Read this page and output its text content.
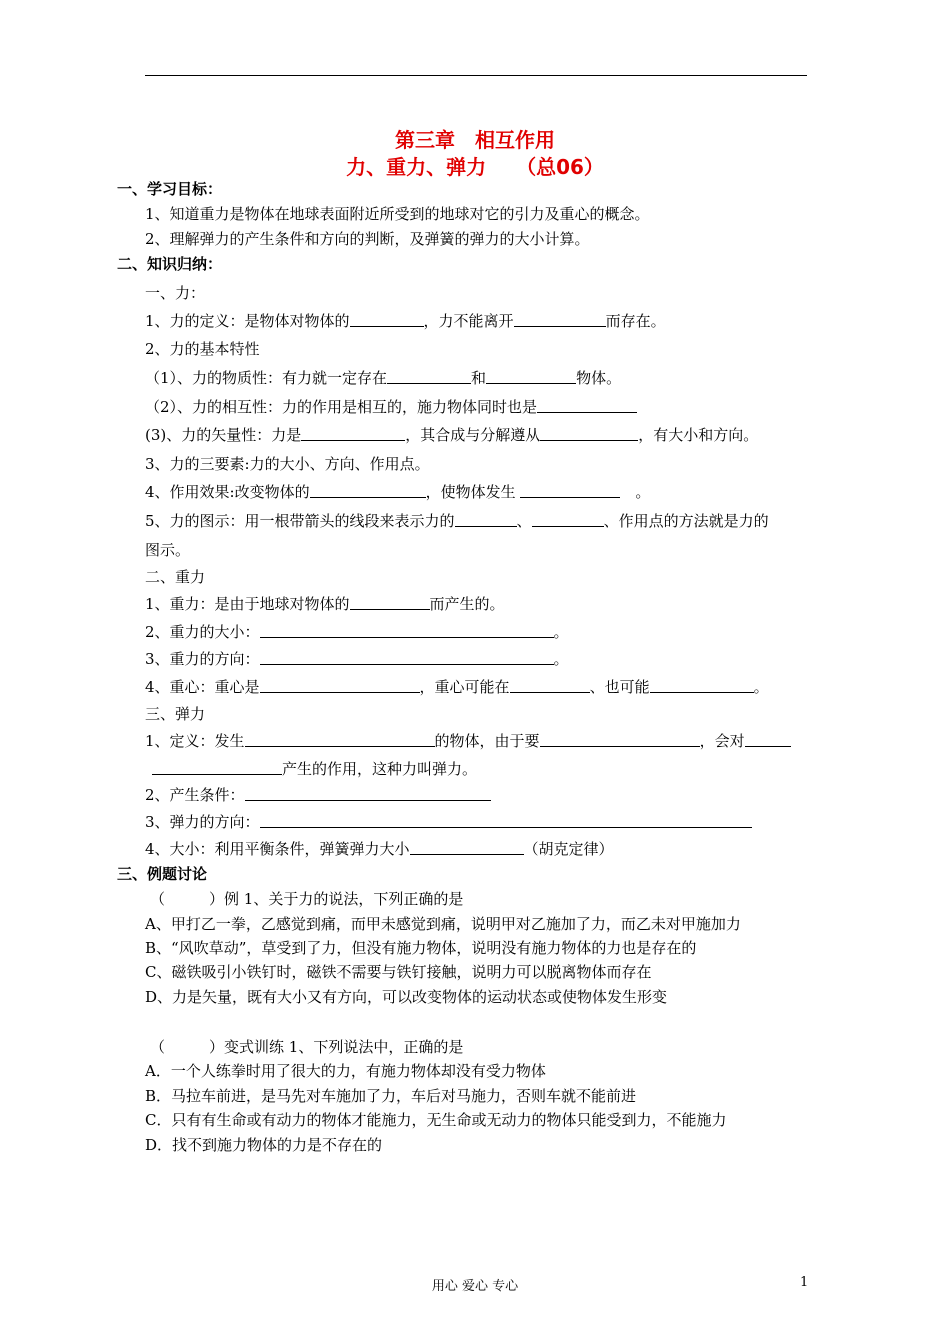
第三章　相互作用
力、重力、弹力　　（总06）
一、学习目标：
1、知道重力是物体在地球表面附近所受到的地球对它的引力及重心的概念。
2、理解弹力的产生条件和方向的判断，及弹簧的弹力的大小计算。
二、知识归纳：
一、力：
1、力的定义：是物体对物体的	，力不能离开	而存在。
2、力的基本特性
（1）、力的物质性：有力就一定存在	和	物体。
（2）、力的相互性：力的作用是相互的，施力物体同时也是
(3)、力的矢量性：力是	，其合成与分解遵从	，有大小和方向。
3、力的三要素:力的大小、方向、作用点。
4、作用效果:改变物体的	，使物体发生 　	。
5、力的图示：用一根带箭头的线段来表示力的	、	、作用点的方法就是力的
图示。
二、重力
1、重力：是由于地球对物体的	而产生的。
2、重力的大小：	。
3、重力的方向：	。
4、重心：重心是	，重心可能在	、也可能	。
三、弹力
1、定义：发生	的物体，由于要	，会对
产生的作用，这种力叫弹力。
2、产生条件：
3、弹力的方向：
4、大小：利用平衡条件，弹簧弹力大小	（胡克定律）
三、例题讨论
（	）例 1、关于力的说法，下列正确的是
A、甲打乙一拳，乙感觉到痛，而甲未感觉到痛，说明甲对乙施加了力，而乙未对甲施加力
B、“风吹草动”，草受到了力，但没有施力物体，说明没有施力物体的力也是存在的
C、磁铁吸引小铁钉时，磁铁不需要与铁钉接触，说明力可以脱离物体而存在
D、力是矢量，既有大小又有方向，可以改变物体的运动状态或使物体发生形变
（	）变式训练 1、下列说法中，正确的是
A．一个人练拳时用了很大的力，有施力物体却没有受力物体
B．马拉车前进，是马先对车施加了力，车后对马施力，否则车就不能前进
C．只有有生命或有动力的物体才能施力，无生命或无动力的物体只能受到力，不能施力
D．找不到施力物体的力是不存在的
用心 爱心 专心	1
